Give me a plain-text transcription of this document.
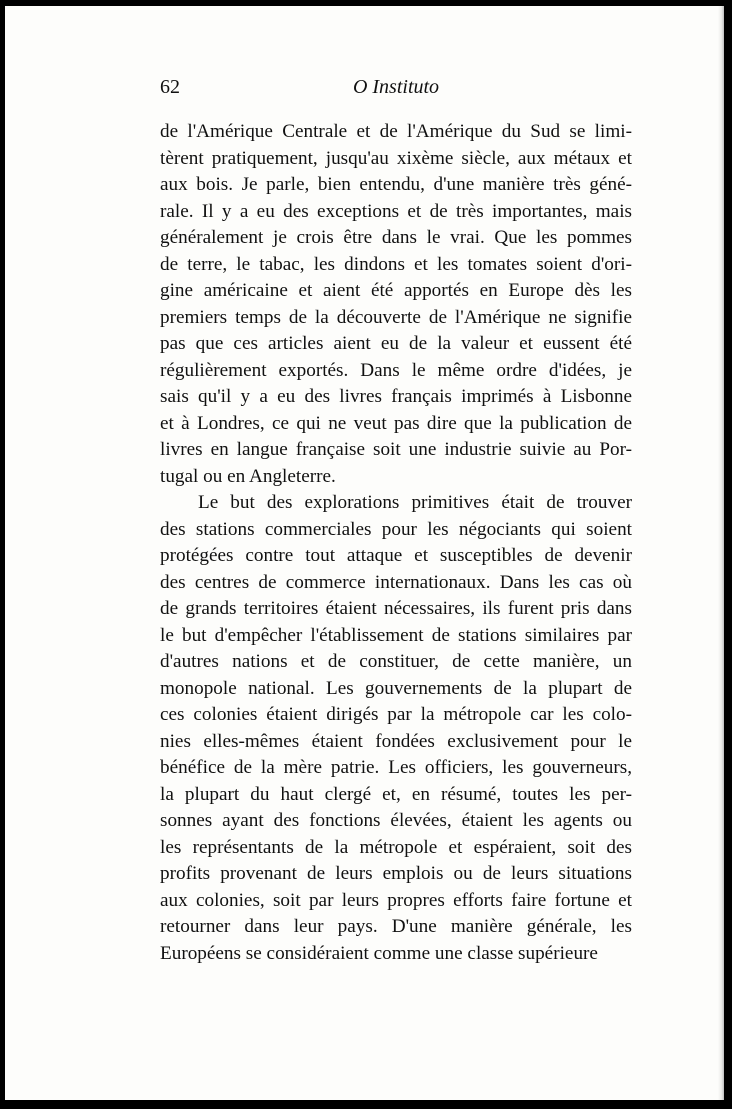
62	O Instituto
de l'Amérique Centrale et de l'Amérique du Sud se limi-
tèrent pratiquement, jusqu'au xixème siècle, aux métaux et
aux bois. Je parle, bien entendu, d'une manière très géné-
rale. Il y a eu des exceptions et de très importantes, mais
généralement je crois être dans le vrai. Que les pommes
de terre, le tabac, les dindons et les tomates soient d'ori-
gine américaine et aient été apportés en Europe dès les
premiers temps de la découverte de l'Amérique ne signifie
pas que ces articles aient eu de la valeur et eussent été
régulièrement exportés. Dans le même ordre d'idées, je
sais qu'il y a eu des livres français imprimés à Lisbonne
et à Londres, ce qui ne veut pas dire que la publication de
livres en langue française soit une industrie suivie au Por-
tugal ou en Angleterre.
Le but des explorations primitives était de trouver
des stations commerciales pour les négociants qui soient
protégées contre tout attaque et susceptibles de devenir
des centres de commerce internationaux. Dans les cas où
de grands territoires étaient nécessaires, ils furent pris dans
le but d'empêcher l'établissement de stations similaires par
d'autres nations et de constituer, de cette manière, un
monopole national. Les gouvernements de la plupart de
ces colonies étaient dirigés par la métropole car les colo-
nies elles-mêmes étaient fondées exclusivement pour le
bénéfice de la mère patrie. Les officiers, les gouverneurs,
la plupart du haut clergé et, en résumé, toutes les per-
sonnes ayant des fonctions élevées, étaient les agents ou
les représentants de la métropole et espéraient, soit des
profits provenant de leurs emplois ou de leurs situations
aux colonies, soit par leurs propres efforts faire fortune et
retourner dans leur pays. D'une manière générale, les
Européens se considéraient comme une classe supérieure
